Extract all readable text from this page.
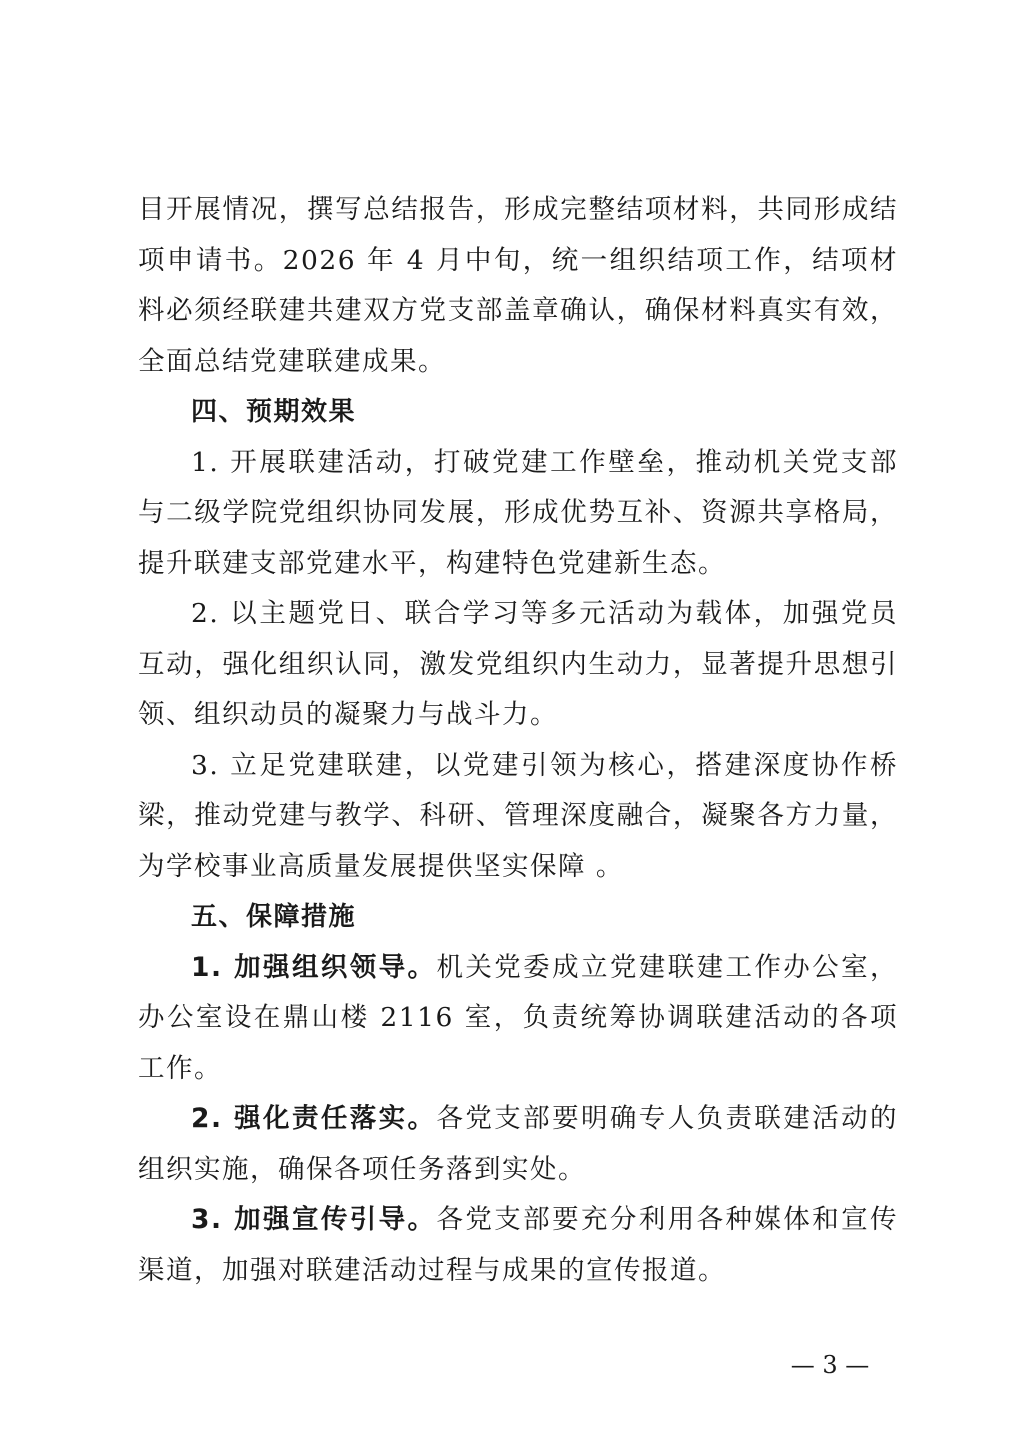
目开展情况，撰写总结报告，形成完整结项材料，共同形成结项申请书。2026 年 4 月中旬，统一组织结项工作，结项材料必须经联建共建双方党支部盖章确认，确保材料真实有效，全面总结党建联建成果。

四、预期效果

1. 开展联建活动，打破党建工作壁垒，推动机关党支部与二级学院党组织协同发展，形成优势互补、资源共享格局，提升联建支部党建水平，构建特色党建新生态。

2. 以主题党日、联合学习等多元活动为载体，加强党员互动，强化组织认同，激发党组织内生动力，显著提升思想引领、组织动员的凝聚力与战斗力。

3. 立足党建联建，以党建引领为核心，搭建深度协作桥梁，推动党建与教学、科研、管理深度融合，凝聚各方力量，为学校事业高质量发展提供坚实保障 。

五、保障措施

1. 加强组织领导。机关党委成立党建联建工作办公室，办公室设在鼎山楼 2116 室，负责统筹协调联建活动的各项工作。

2. 强化责任落实。各党支部要明确专人负责联建活动的组织实施，确保各项任务落到实处。

3. 加强宣传引导。各党支部要充分利用各种媒体和宣传渠道，加强对联建活动过程与成果的宣传报道。

— 3 —
